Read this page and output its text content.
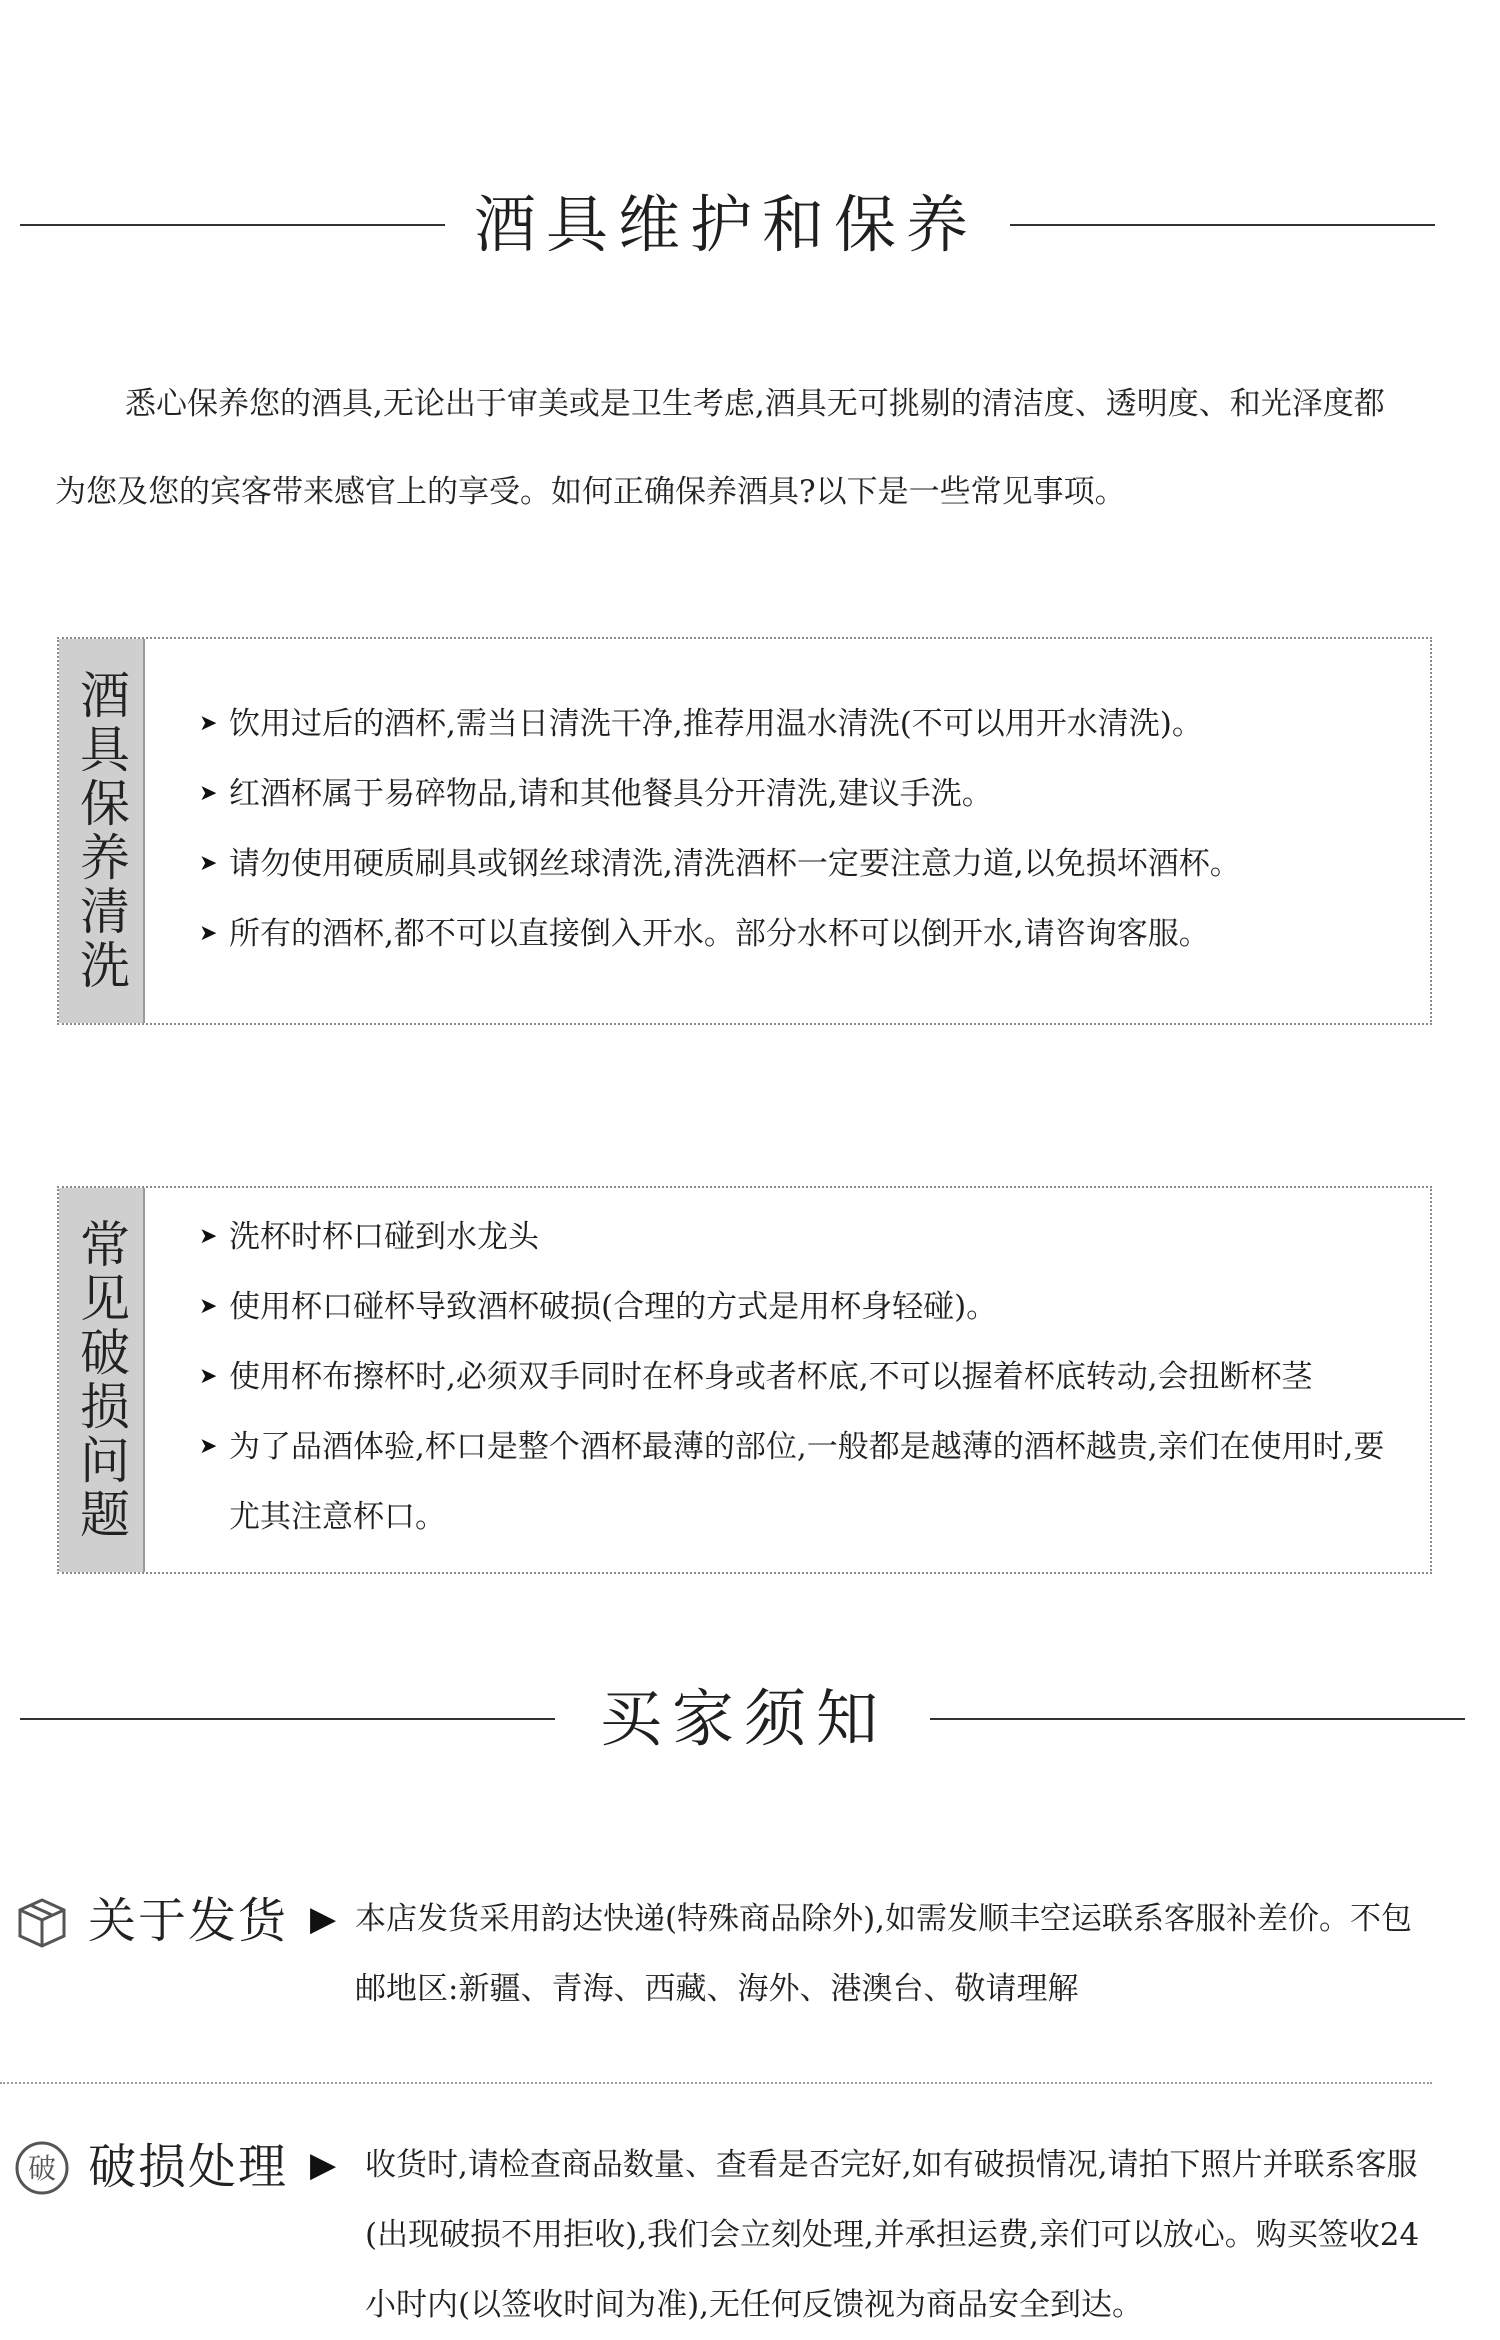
酒具维护和保养

悉心保养您的酒具,无论出于审美或是卫生考虑,酒具无可挑剔的清洁度、透明度、和光泽度都为您及您的宾客带来感官上的享受。如何正确保养酒具?以下是一些常见事项。

酒具保养清洗	➤ 饮用过后的酒杯,需当日清洗干净,推荐用温水清洗(不可以用开水清洗)。
➤ 红酒杯属于易碎物品,请和其他餐具分开清洗,建议手洗。
➤ 请勿使用硬质刷具或钢丝球清洗,清洗酒杯一定要注意力道,以免损坏酒杯。
➤ 所有的酒杯,都不可以直接倒入开水。部分水杯可以倒开水,请咨询客服。
常见破损问题	➤ 洗杯时杯口碰到水龙头
➤ 使用杯口碰杯导致酒杯破损(合理的方式是用杯身轻碰)。
➤ 使用杯布擦杯时,必须双手同时在杯身或者杯底,不可以握着杯底转动,会扭断杯茎
➤ 为了品酒体验,杯口是整个酒杯最薄的部位,一般都是越薄的酒杯越贵,亲们在使用时,要尤其注意杯口。
买家须知
关于发货 ▶ 本店发货采用韵达快递(特殊商品除外),如需发顺丰空运联系客服补差价。不包邮地区:新疆、青海、西藏、海外、港澳台、敬请理解

破 破损处理 ▶ 收货时,请检查商品数量、查看是否完好,如有破损情况,请拍下照片并联系客服(出现破损不用拒收),我们会立刻处理,并承担运费,亲们可以放心。购买签收24小时内(以签收时间为准),无任何反馈视为商品安全到达。
